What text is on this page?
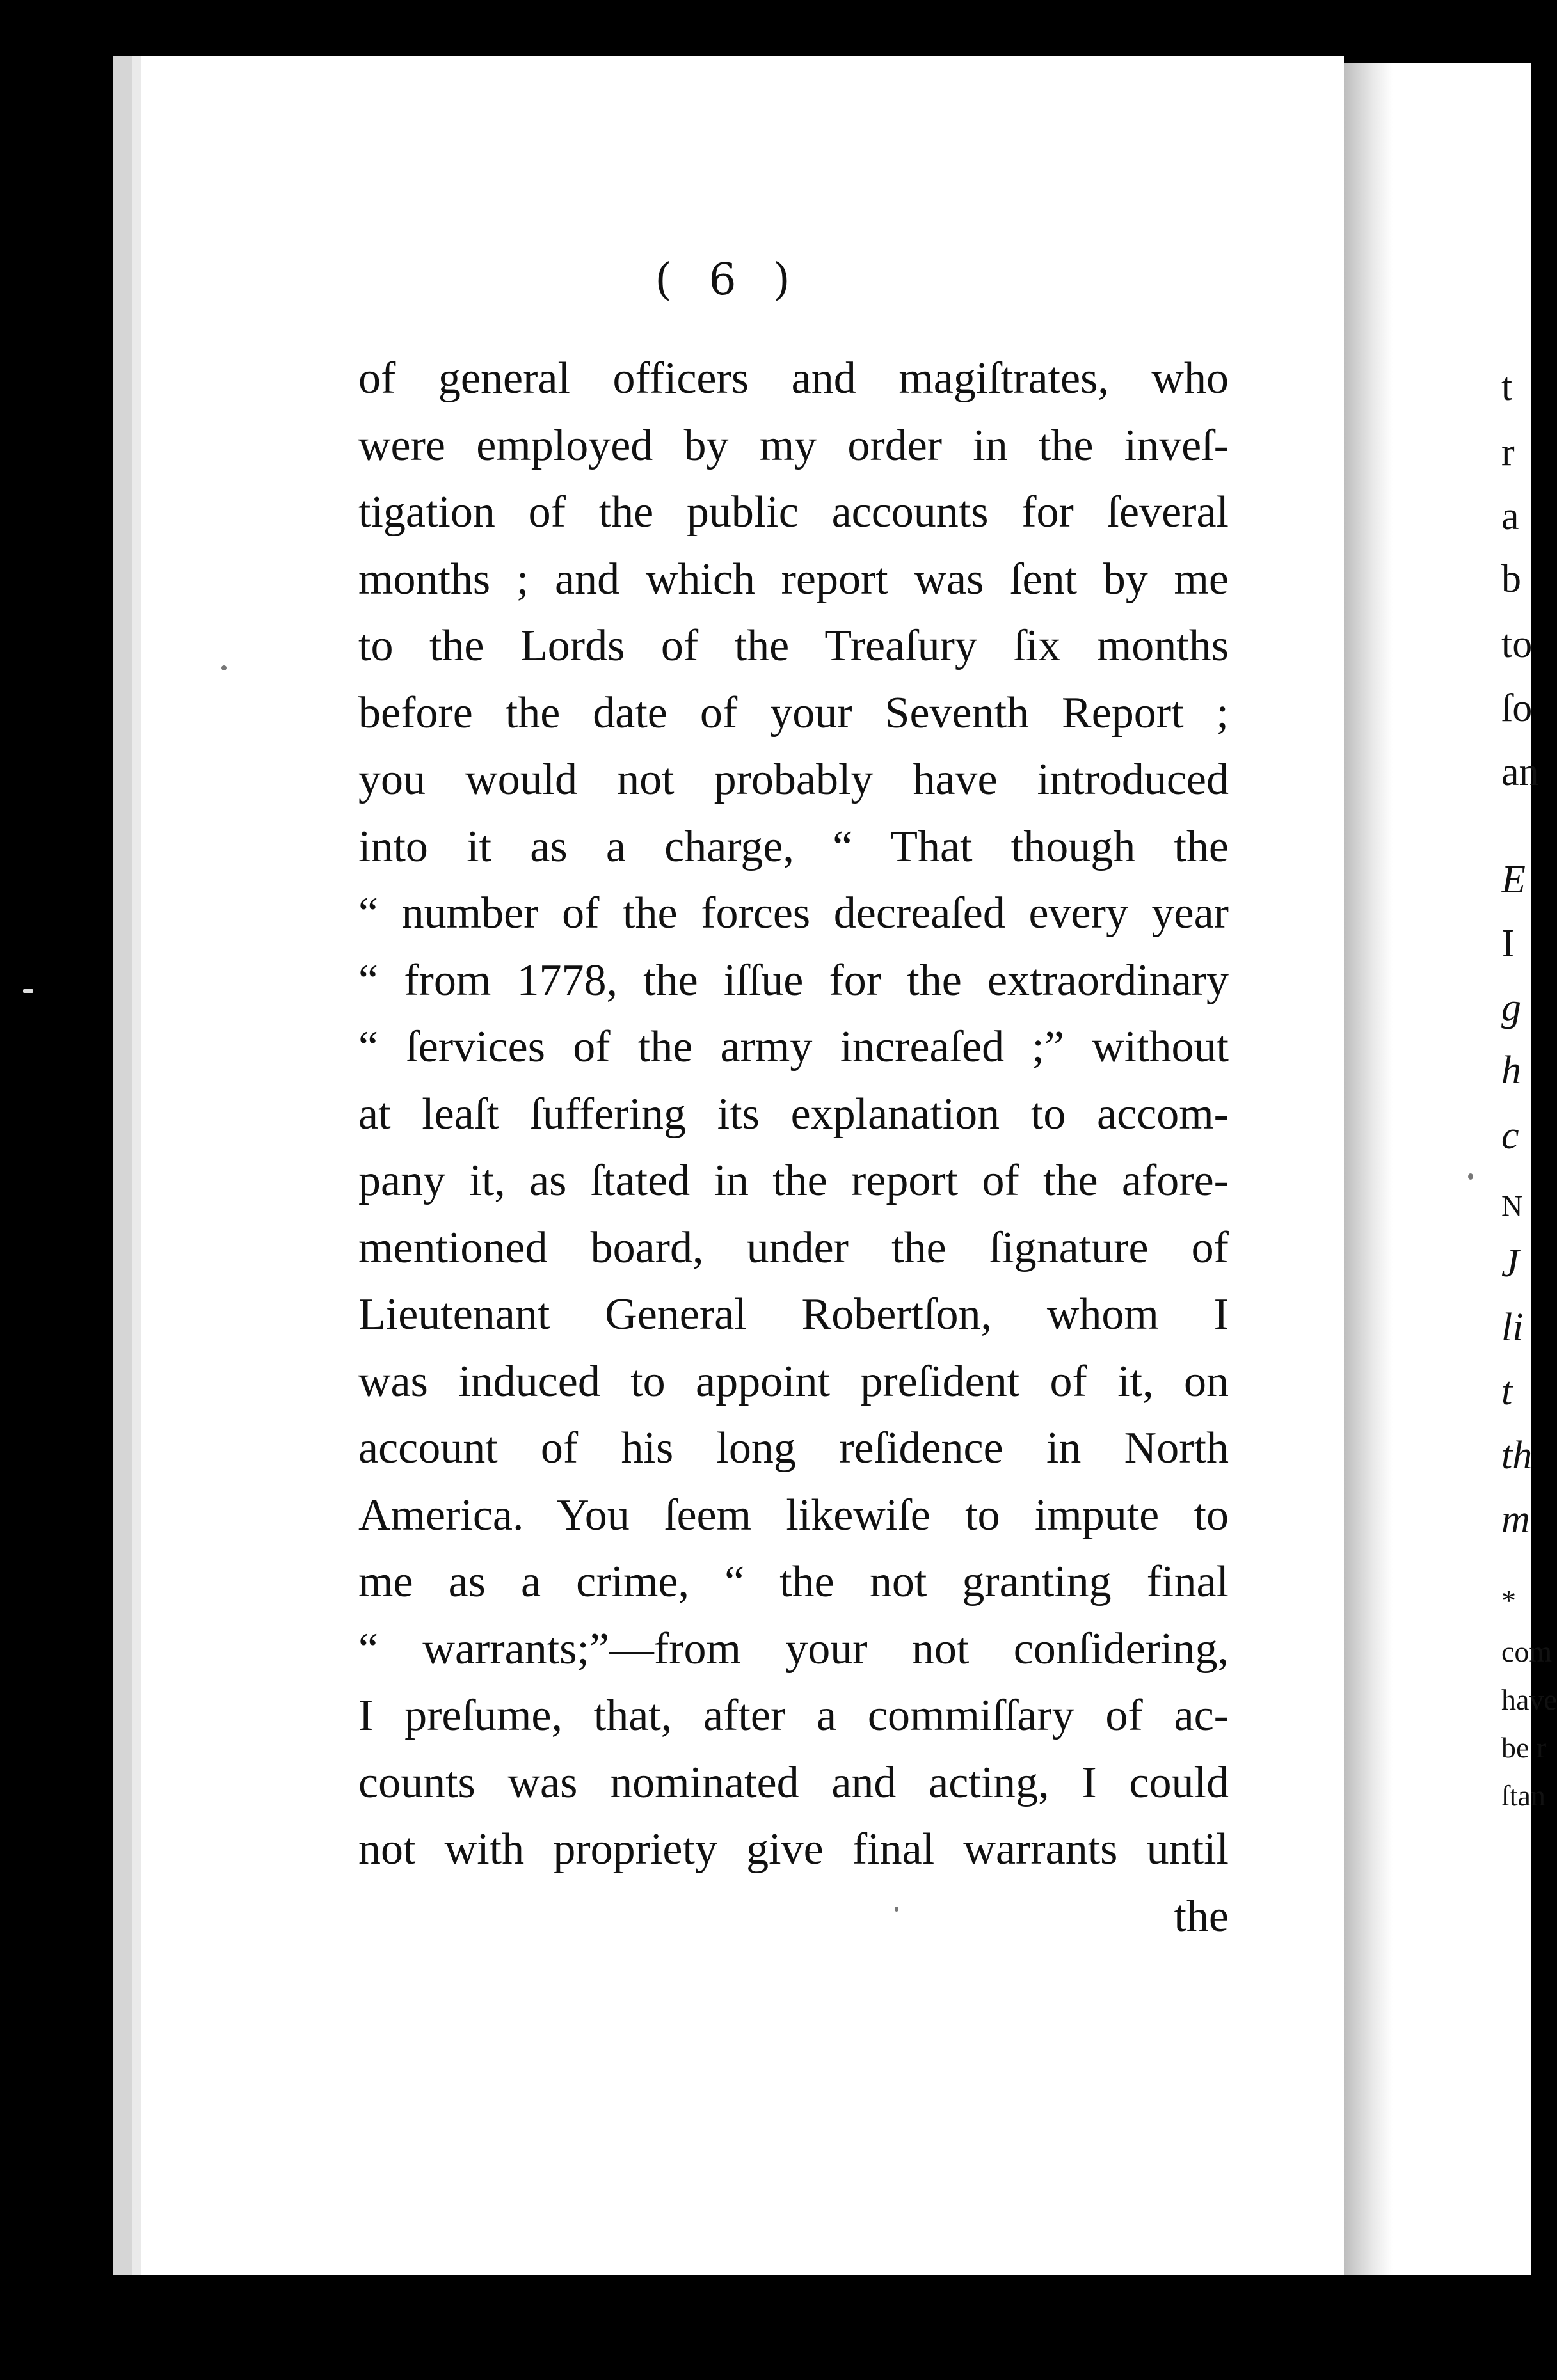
( 6 )
of general officers and magiſtrates, who
were employed by my order in the inveſ-
tigation of the public accounts for ſeveral
months ; and which report was ſent by me
to the Lords of the Treaſury ſix months
before the date of your Seventh Report ;
you would not probably have introduced
into it as a charge, “ That though the
“ number of the forces decreaſed every year
“ from 1778, the iſſue for the extraordinary
“ ſervices of the army increaſed ;” without
at leaſt ſuffering its explanation to accom-
pany it, as ſtated in the report of the afore-
mentioned board, under the ſignature of
Lieutenant General Robertſon, whom I
was induced to appoint preſident of it, on
account of his long reſidence in North
America. You ſeem likewiſe to impute to
me as a crime, “ the not granting final
“ warrants;”—from your not conſidering,
I preſume, that, after a commiſſary of ac-
counts was nominated and acting, I could
not with propriety give final warrants until
the
t
r
a
b
to
ſo
an
E
I
g
h
c
N
J
li
t
th
m
*
com
have
be r
ſtan
